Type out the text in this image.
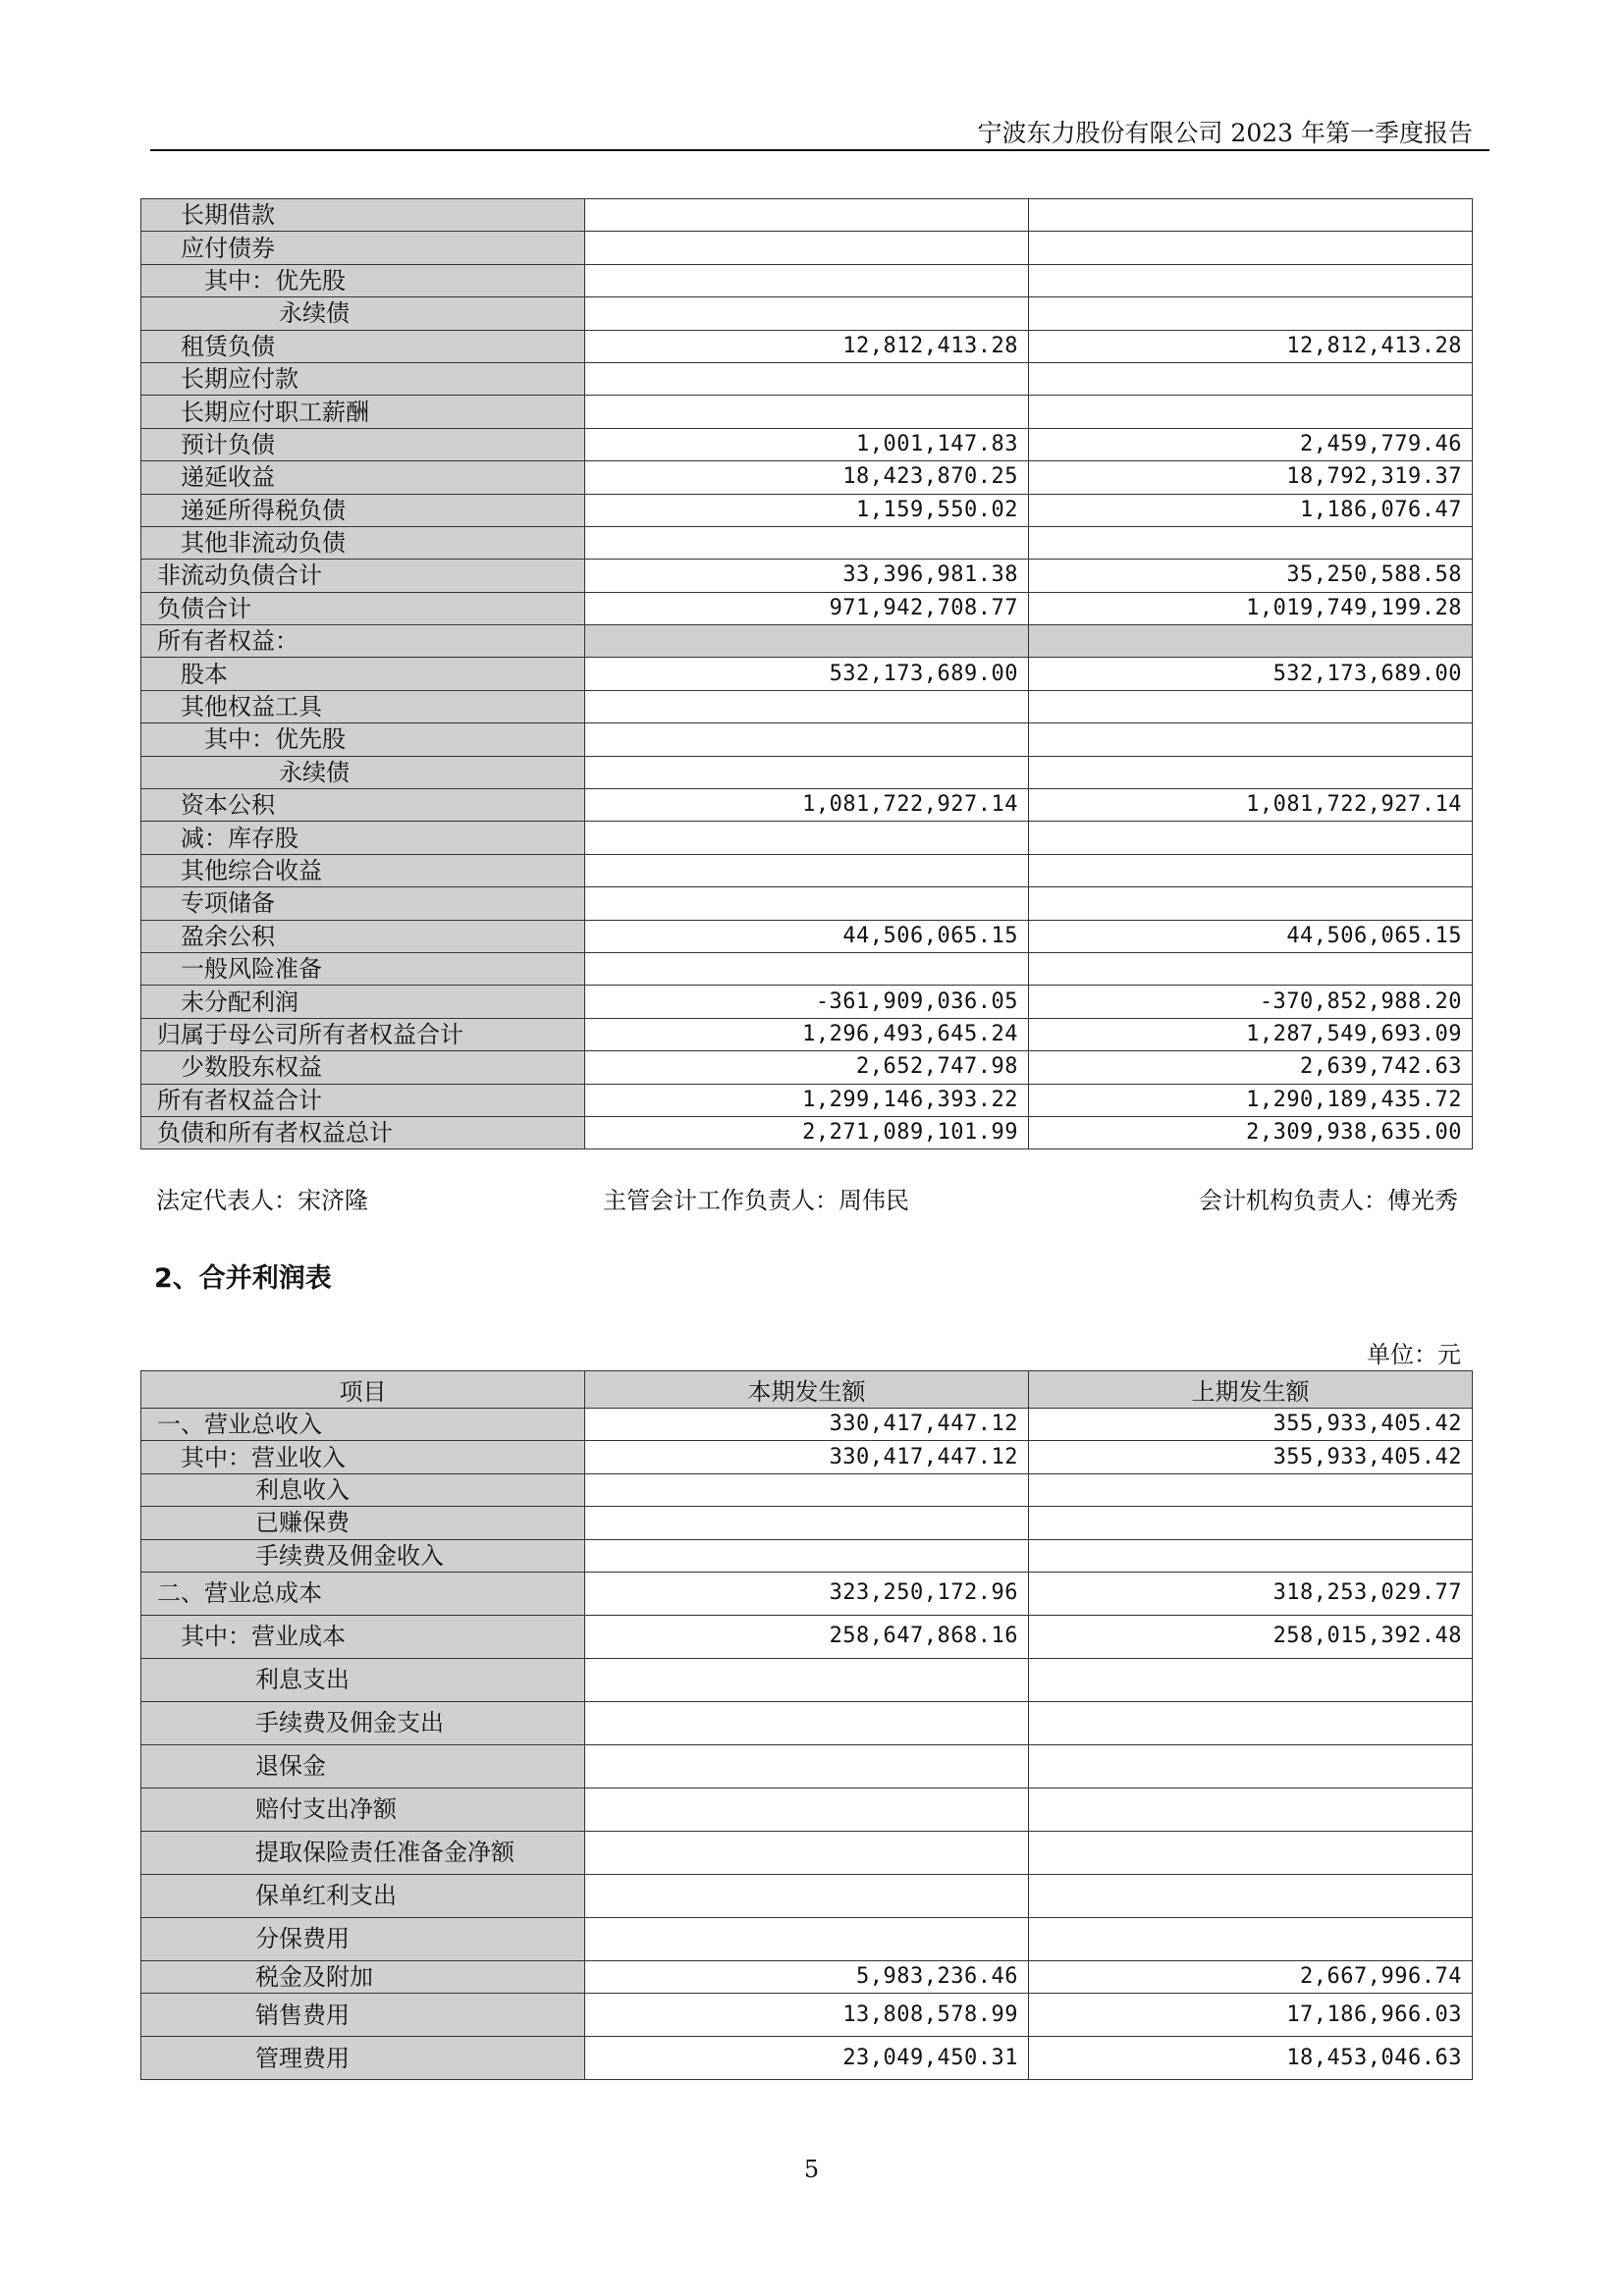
宁波东力股份有限公司 2023 年第一季度报告
长期借款		
应付债券		
其中：优先股		
永续债		
租赁负债	12,812,413.28	12,812,413.28
长期应付款		
长期应付职工薪酬		
预计负债	1,001,147.83	2,459,779.46
递延收益	18,423,870.25	18,792,319.37
递延所得税负债	1,159,550.02	1,186,076.47
其他非流动负债		
非流动负债合计	33,396,981.38	35,250,588.58
负债合计	971,942,708.77	1,019,749,199.28
所有者权益：		
股本	532,173,689.00	532,173,689.00
其他权益工具		
其中：优先股		
永续债		
资本公积	1,081,722,927.14	1,081,722,927.14
减：库存股		
其他综合收益		
专项储备		
盈余公积	44,506,065.15	44,506,065.15
一般风险准备		
未分配利润	-361,909,036.05	-370,852,988.20
归属于母公司所有者权益合计	1,296,493,645.24	1,287,549,693.09
少数股东权益	2,652,747.98	2,639,742.63
所有者权益合计	1,299,146,393.22	1,290,189,435.72
负债和所有者权益总计	2,271,089,101.99	2,309,938,635.00
法定代表人：宋济隆	主管会计工作负责人：周伟民	会计机构负责人：傅光秀
2、合并利润表
单位：元
项目	本期发生额	上期发生额
一、营业总收入	330,417,447.12	355,933,405.42
其中：营业收入	330,417,447.12	355,933,405.42
利息收入		
已赚保费		
手续费及佣金收入		
二、营业总成本	323,250,172.96	318,253,029.77
其中：营业成本	258,647,868.16	258,015,392.48
利息支出		
手续费及佣金支出		
退保金		
赔付支出净额		
提取保险责任准备金净额		
保单红利支出		
分保费用		
税金及附加	5,983,236.46	2,667,996.74
销售费用	13,808,578.99	17,186,966.03
管理费用	23,049,450.31	18,453,046.63
5
